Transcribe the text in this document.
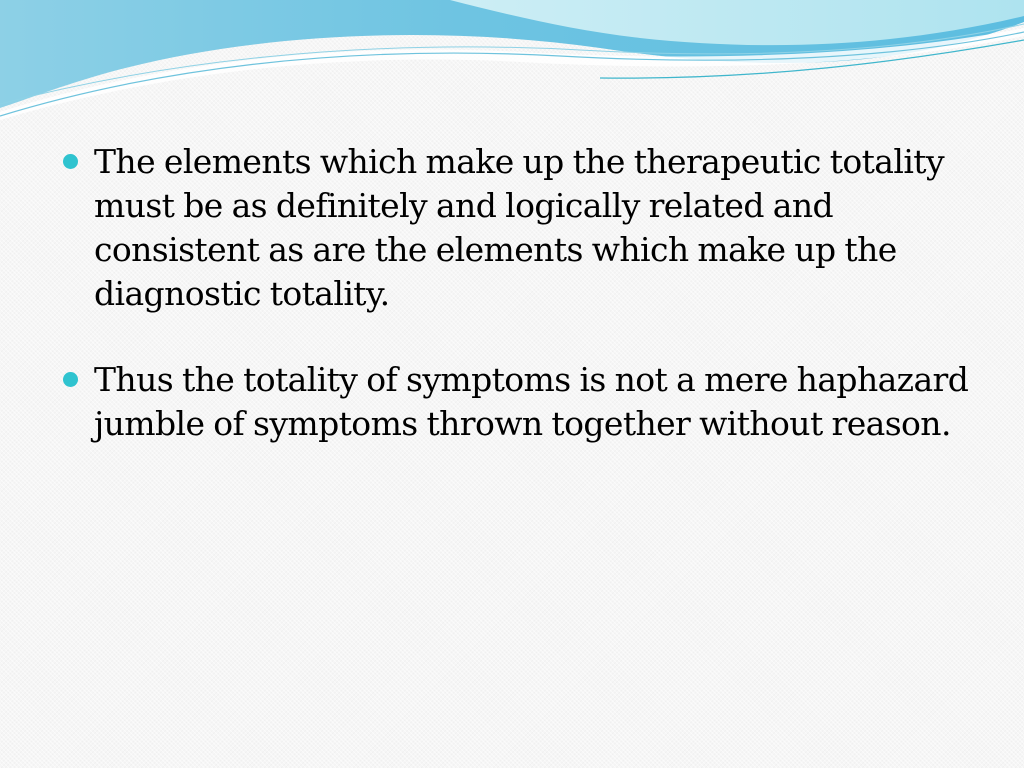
The elements which make up the therapeutic totality must be as definitely and logically related and consistent as are the elements which make up the diagnostic totality.
Thus the totality of symptoms is not a mere haphazard jumble of symptoms thrown together without reason.
